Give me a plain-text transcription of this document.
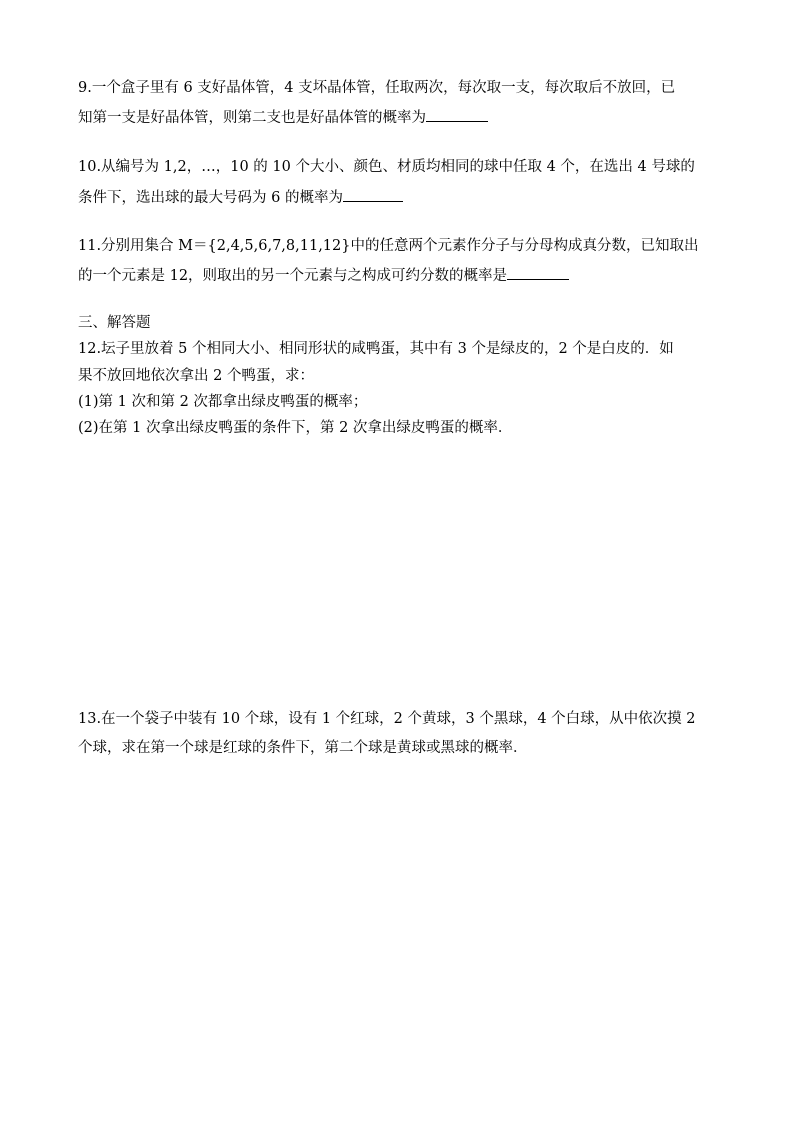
9.一个盒子里有 6 支好晶体管，4 支坏晶体管，任取两次，每次取一支，每次取后不放回，已
知第一支是好晶体管，则第二支也是好晶体管的概率为
10.从编号为 1,2，…，10 的 10 个大小、颜色、材质均相同的球中任取 4 个，在选出 4 号球的
条件下，选出球的最大号码为 6 的概率为
11.分别用集合 M＝{2,4,5,6,7,8,11,12}中的任意两个元素作分子与分母构成真分数，已知取出
的一个元素是 12，则取出的另一个元素与之构成可约分数的概率是
三、解答题
12.坛子里放着 5 个相同大小、相同形状的咸鸭蛋，其中有 3 个是绿皮的，2 个是白皮的．如
果不放回地依次拿出 2 个鸭蛋，求：
(1)第 1 次和第 2 次都拿出绿皮鸭蛋的概率；
(2)在第 1 次拿出绿皮鸭蛋的条件下，第 2 次拿出绿皮鸭蛋的概率．
13.在一个袋子中装有 10 个球，设有 1 个红球，2 个黄球，3 个黑球，4 个白球，从中依次摸 2
个球，求在第一个球是红球的条件下，第二个球是黄球或黑球的概率．
